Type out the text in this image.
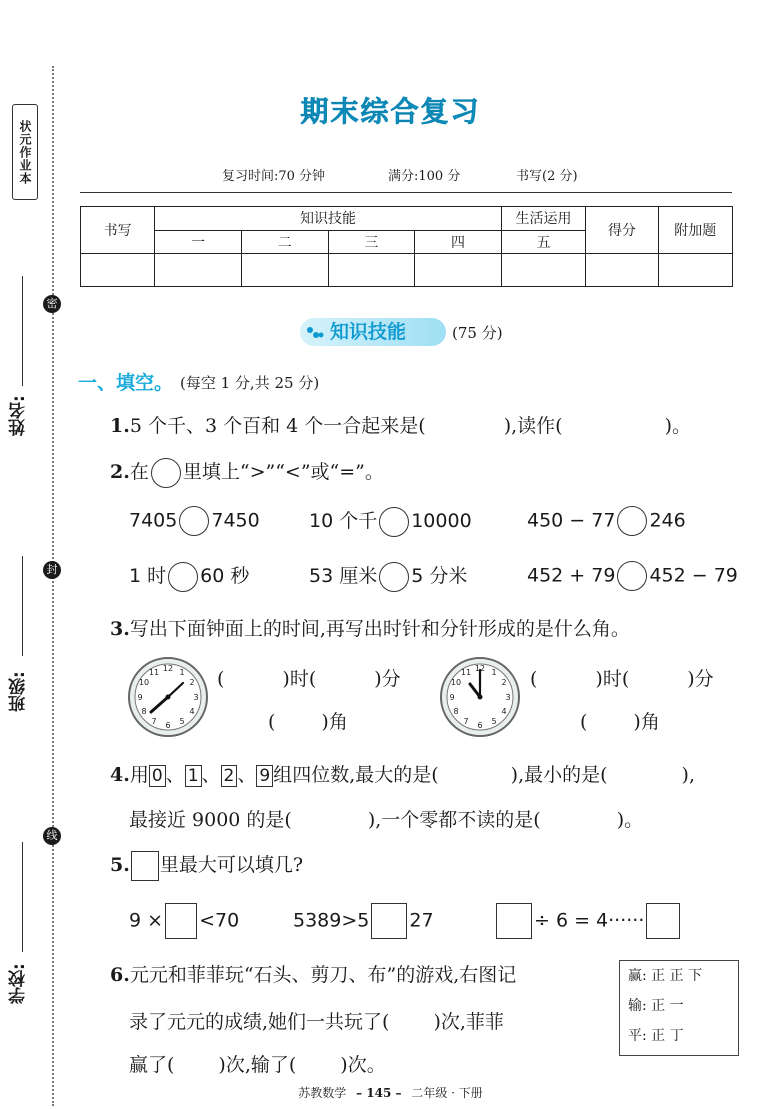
状元作业本
密
封
线
姓名:
班级:
学校:
期末综合复习
复习时间:70 分钟	满分:100 分	书写(2 分)
书写	知识技能				生活运用	得分	附加题
	一	二	三	四	五		

知识技能	(75 分)
一、填空。 (每空 1 分,共 25 分)
1.5 个千、3 个百和 4 个一合起来是(	),读作(	)。
2.在 里填上“>”“<”或“=”。
7405 7450	10 个千 10000	450 − 77 246
1 时 60 秒	53 厘米 5 分米	452 + 79 452 − 79
3.写出下面钟面上的时间,再写出时针和分针形成的是什么角。
12 1
2
3
4
5
6
7
8
9
10
11	(	)时(	)分
( )角
12 1
2
3
4
5
6
7
8
9
10
11	(	)时(	)分
( )角
4.用 0 、 1 、 2 、 9 组四位数,最大的是(	),最小的是(	),
最接近 9000 的是(	),一个零都不读的是(	)。
5. 里最大可以填几?
9 × <70	5389>5 27	÷ 6 = 4······
6.元元和菲菲玩“石头、剪刀、布”的游戏,右图记
录了元元的成绩,她们一共玩了( )次,菲菲
赢了( )次,输了( )次。
赢: 正 正 下
输: 正 一
平: 正 丁
苏教数学 – 145 – 二年级 · 下册
